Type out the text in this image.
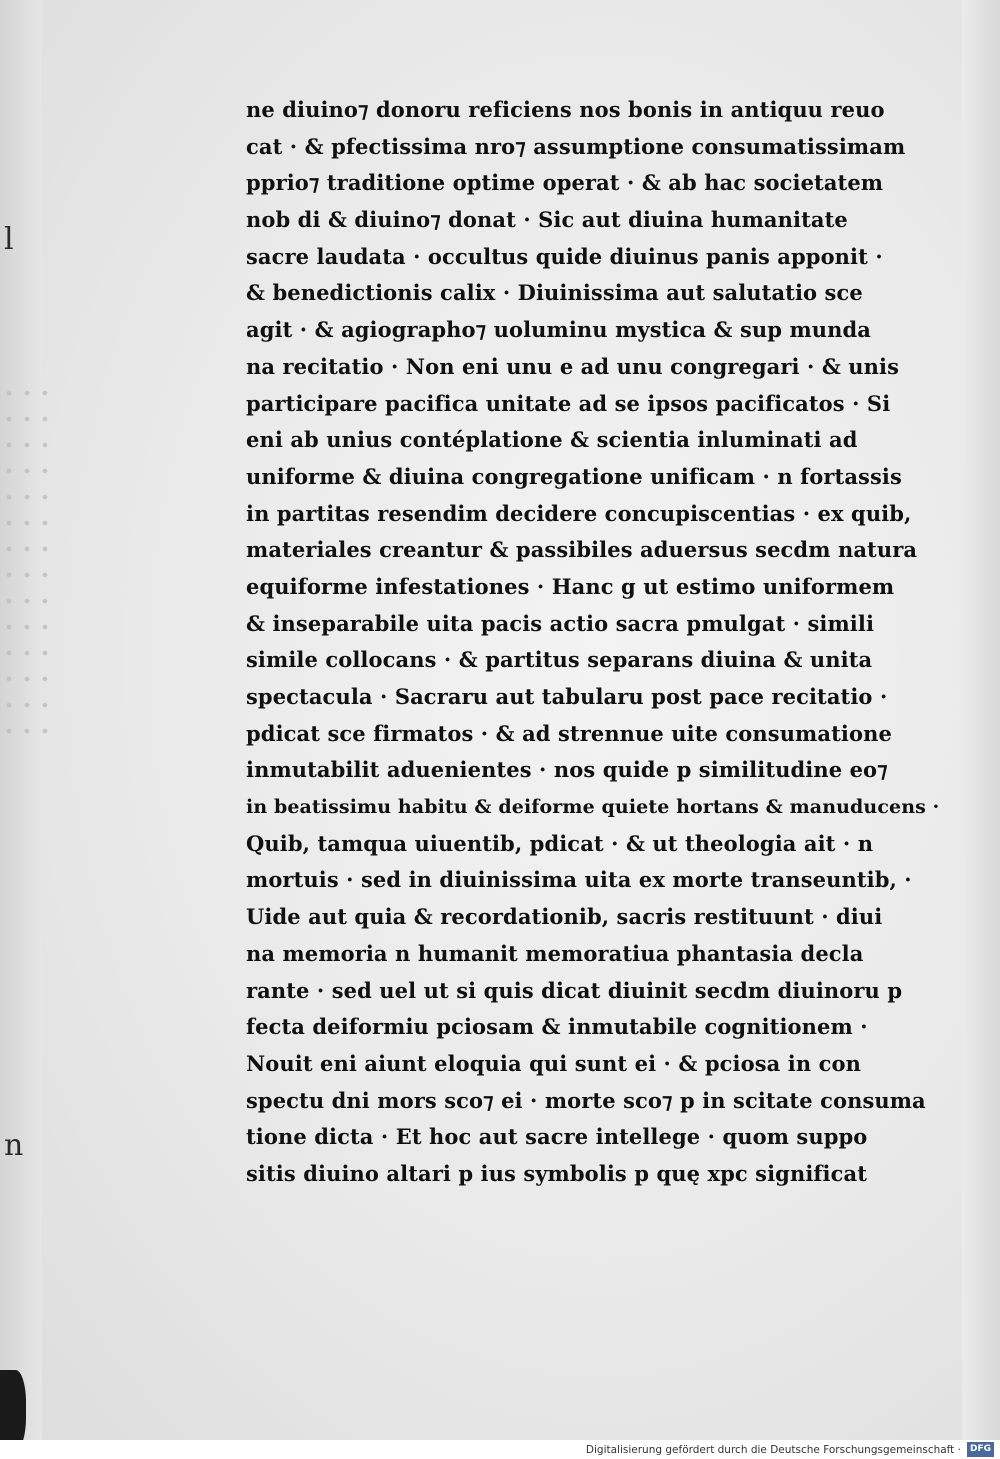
l
n
ne diuino⁊ donoru reficiens nos bonis in antiquu reuo
cat · & pfectissima nro⁊ assumptione consumatissimam
pprio⁊ traditione optime operat · & ab hac societatem
nob di & diuino⁊ donat · Sic aut diuina humanitate
sacre laudata · occultus quide diuinus panis apponit ·
& benedictionis calix · Diuinissima aut salutatio sce
agit · & agiographo⁊ uoluminu mystica & sup munda
na recitatio · Non eni unu e ad unu congregari · & unis
participare pacifica unitate ad se ipsos pacificatos · Si
eni ab unius contéplatione & scientia inluminati ad
uniforme & diuina congregatione unificam · n fortassis
in partitas resendim decidere concupiscentias · ex quib,
materiales creantur & passibiles aduersus secdm natura
equiforme infestationes · Hanc g ut estimo uniformem
& inseparabile uita pacis actio sacra pmulgat · simili
simile collocans · & partitus separans diuina & unita
spectacula · Sacraru aut tabularu post pace recitatio ·
pdicat sce firmatos · & ad strennue uite consumatione
inmutabilit aduenientes · nos quide p similitudine eo⁊
in beatissimu habitu & deiforme quiete hortans & manuducens ·
Quib, tamqua uiuentib, pdicat · & ut theologia ait · n
mortuis · sed in diuinissima uita ex morte transeuntib, ·
Uide aut quia & recordationib, sacris restituunt · diui
na memoria n humanit memoratiua phantasia decla
rante · sed uel ut si quis dicat diuinit secdm diuinoru p
fecta deiformiu pciosam & inmutabile cognitionem ·
Nouit eni aiunt eloquia qui sunt ei · & pciosa in con
spectu dni mors sco⁊ ei · morte sco⁊ p in scitate consuma
tione dicta · Et hoc aut sacre intellege · quom suppo
sitis diuino altari p ius symbolis p quę xpc significat
Digitalisierung gefördert durch die Deutsche Forschungsgemeinschaft ·	DFG
